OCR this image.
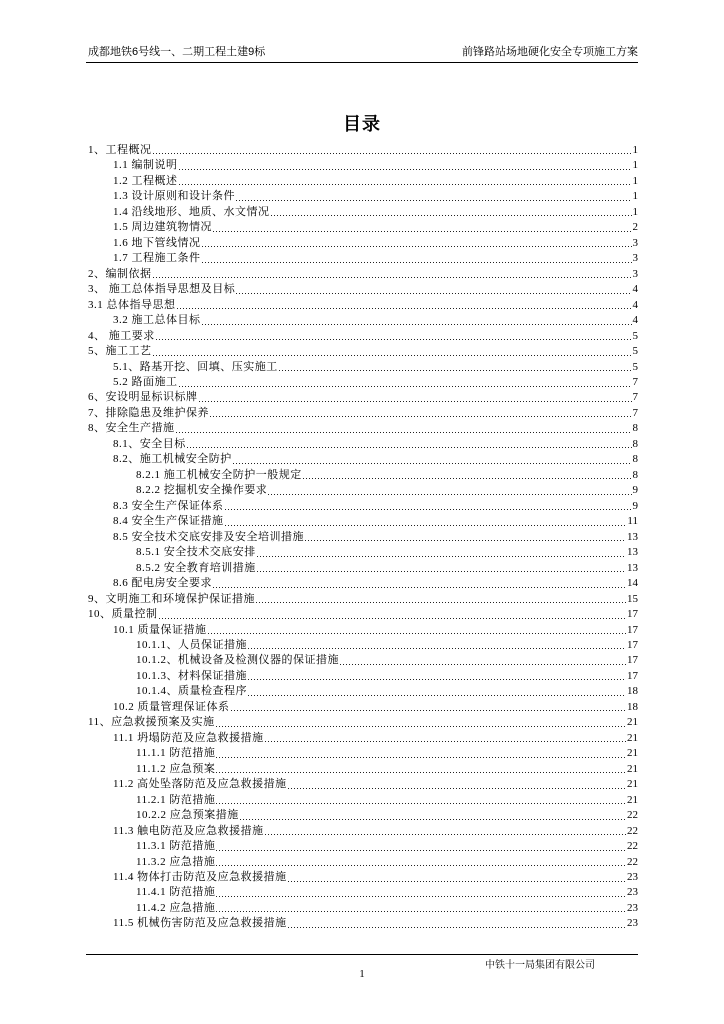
成都地铁6号线一、二期工程土建9标	前锋路站场地硬化安全专项施工方案
目录
1、工程概况	1
1.1 编制说明	1
1.2 工程概述	1
1.3 设计原则和设计条件	1
1.4 沿线地形、地质、水文情况	1
1.5 周边建筑物情况	2
1.6 地下管线情况	3
1.7 工程施工条件	3
2、编制依据	3
3、 施工总体指导思想及目标	4
3.1 总体指导思想	4
3.2 施工总体目标	4
4、 施工要求	5
5、施工工艺	5
5.1、路基开挖、回填、压实施工	5
5.2 路面施工	7
6、安设明显标识标牌	7
7、排除隐患及维护保养	7
8、安全生产措施	8
8.1、安全目标	8
8.2、施工机械安全防护	8
8.2.1 施工机械安全防护一般规定	8
8.2.2 挖掘机安全操作要求	9
8.3 安全生产保证体系	9
8.4 安全生产保证措施	11
8.5 安全技术交底安排及安全培训措施	13
8.5.1 安全技术交底安排	13
8.5.2 安全教育培训措施	13
8.6 配电房安全要求	14
9、文明施工和环境保护保证措施	15
10、质量控制	17
10.1 质量保证措施	17
10.1.1、人员保证措施	17
10.1.2、机械设备及检测仪器的保证措施	17
10.1.3、材料保证措施	17
10.1.4、质量检查程序	18
10.2 质量管理保证体系	18
11、应急救援预案及实施	21
11.1 坍塌防范及应急救援措施	21
11.1.1 防范措施	21
11.1.2 应急预案	21
11.2 高处坠落防范及应急救援措施	21
11.2.1 防范措施	21
10.2.2 应急预案措施	22
11.3 触电防范及应急救援措施	22
11.3.1 防范措施	22
11.3.2 应急措施	22
11.4 物体打击防范及应急救援措施	23
11.4.1 防范措施	23
11.4.2 应急措施	23
11.5 机械伤害防范及应急救援措施	23
中铁十一局集团有限公司
1
